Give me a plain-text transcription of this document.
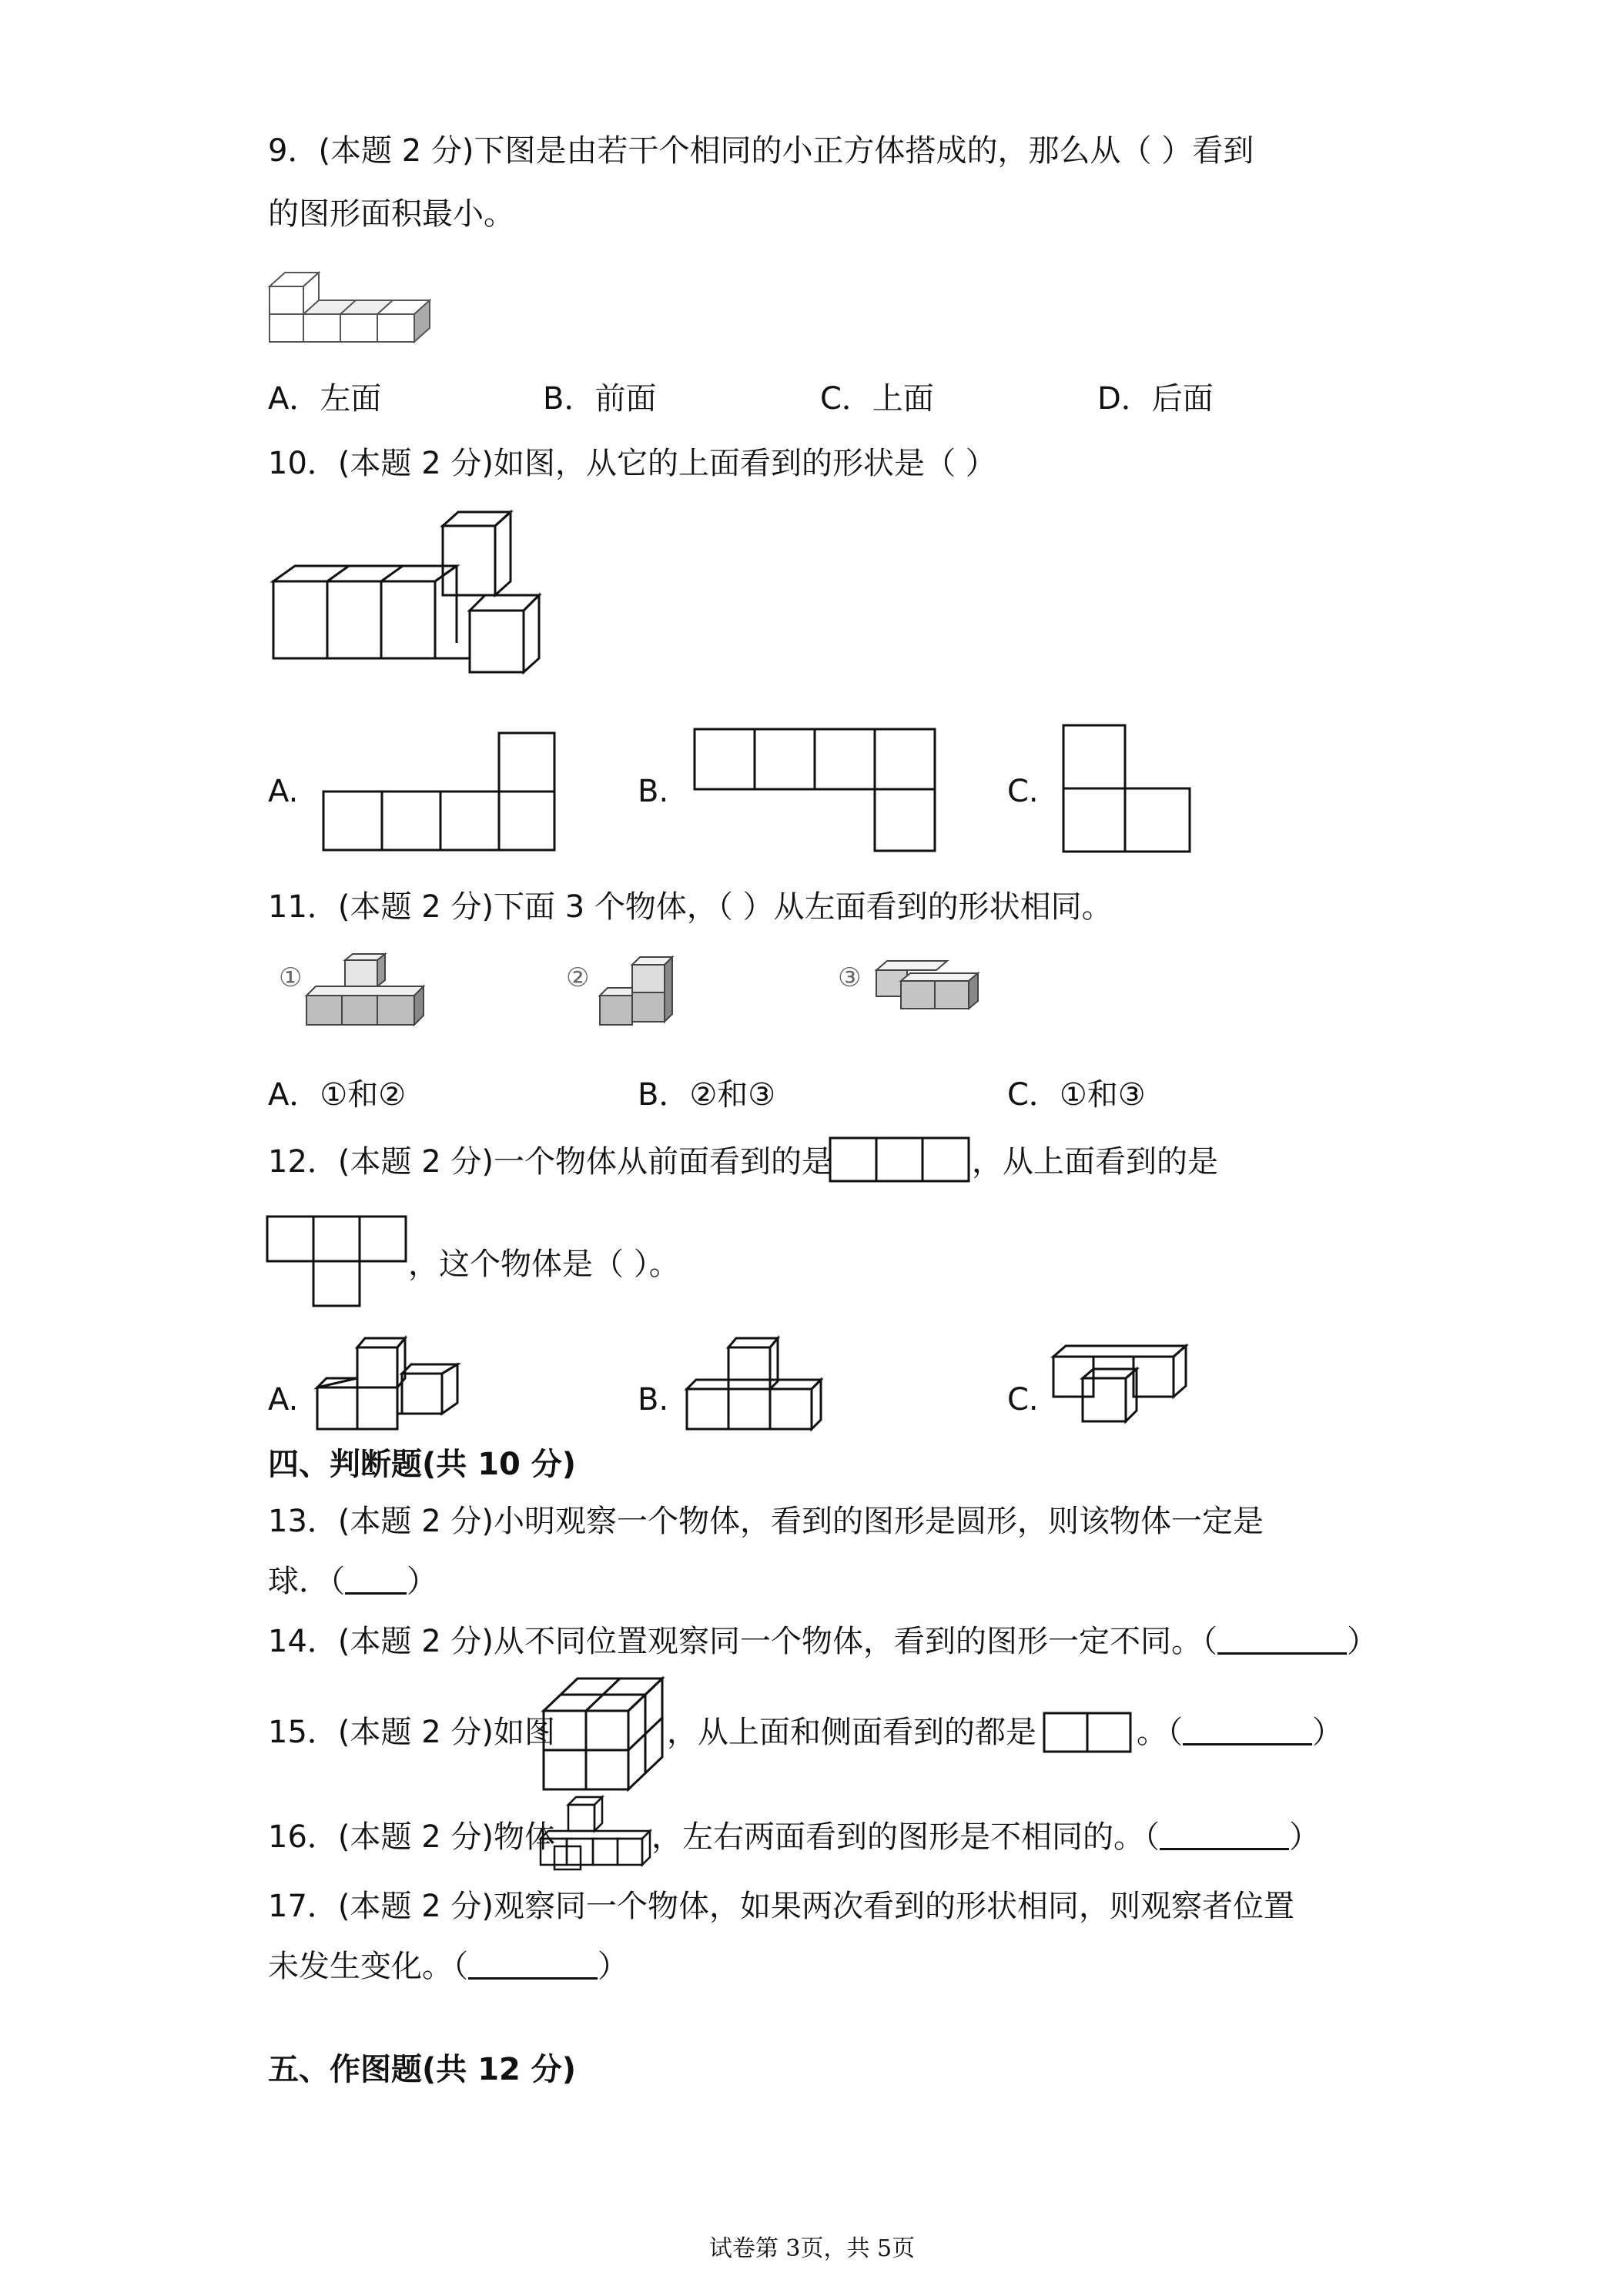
9．(本题 2 分)下图是由若干个相同的小正方体搭成的，那么从（ ）看到
的图形面积最小。
A．左面	B．前面	C．上面	D．后面
10．(本题 2 分)如图，从它的上面看到的形状是（ ）
A.	B.	C.
11．(本题 2 分)下面 3 个物体，（ ）从左面看到的形状相同。
①	②	③
A．①和②	B．②和③	C．①和③
12．(本题 2 分)一个物体从前面看到的是	，从上面看到的是
，这个物体是（ ）。
A.	B.	C.
四、判断题(共 10 分)
13．(本题 2 分)小明观察一个物体，看到的图形是圆形，则该物体一定是
球．（ ）
14．(本题 2 分)从不同位置观察同一个物体，看到的图形一定不同。（	）
15．(本题 2 分)如图	，从上面和侧面看到的都是	。（	）
16．(本题 2 分)物体	，左右两面看到的图形是不相同的。（	）
17．(本题 2 分)观察同一个物体，如果两次看到的形状相同，则观察者位置
未发生变化。（	）
五、作图题(共 12 分)
试卷第 3页，共 5页
